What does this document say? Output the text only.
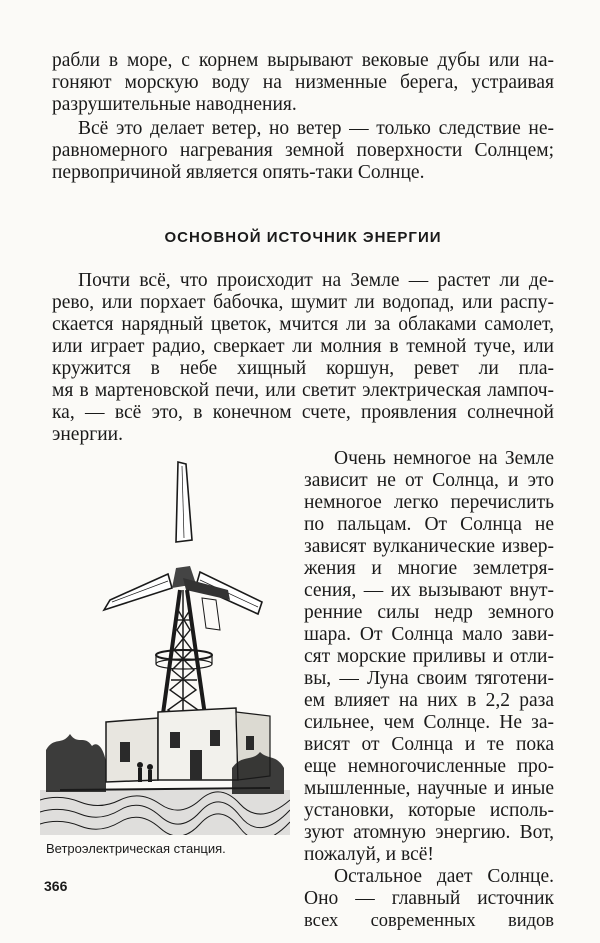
рабли в море, с корнем вырывают вековые дубы или на-
гоняют морскую воду на низменные берега, устраивая
разрушительные наводнения.
Всё это делает ветер, но ветер — только следствие не-
равномерного нагревания земной поверхности Солнцем;
первопричиной является опять-таки Солнце.
ОСНОВНОЙ ИСТОЧНИК ЭНЕРГИИ
Почти всё, что происходит на Земле — растет ли де-
рево, или порхает бабочка, шумит ли водопад, или распу-
скается нарядный цветок, мчится ли за облаками самолет,
или играет радио, сверкает ли молния в темной туче, или
кружится в небе хищный коршун, ревет ли пла-
мя в мартеновской печи, или светит электрическая лампоч-
ка, — всё это, в конечном счете, проявления солнечной
энергии.
Очень немногое на Земле
зависит не от Солнца, и это
немногое легко перечислить
по пальцам. От Солнца не
зависят вулканические извер-
жения и многие землетря-
сения, — их вызывают внут-
ренние силы недр земного
шара. От Солнца мало зави-
сят морские приливы и отли-
вы, — Луна своим тяготени-
ем влияет на них в 2,2 раза
сильнее, чем Солнце. Не за-
висят от Солнца и те пока
еще немногочисленные про-
мышленные, научные и иные
установки, которые исполь-
зуют атомную энергию. Вот,
пожалуй, и всё!
Остальное дает Солнце.
Оно — главный источник
всех современных видов
Ветроэлектрическая станция.
366
